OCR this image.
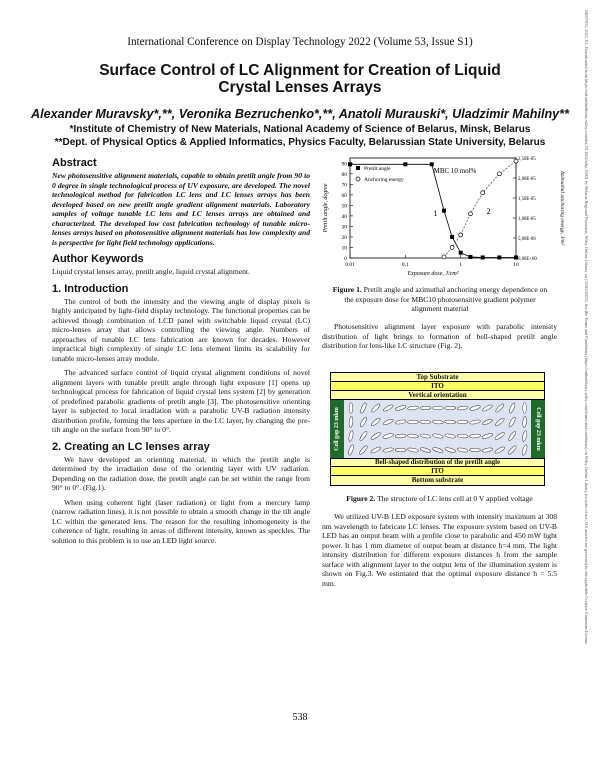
International Conference on Display Technology 2022 (Volume 53, Issue S1)	24097811, 2022, S1, Downloaded from https://sid.onlinelibrary.wiley.com/doi/10.1002/sdtp.15901 by Belarus Regional Provision, Wiley Online Library on [31/03/2023]. See the Terms and Conditions (https://onlinelibrary.wiley.com/terms-and-conditions) on Wiley Online Library for rules of use; OA articles are governed by the applicable Creative Commons License
Surface Control of LC Alignment for Creation of Liquid Crystal Lenses Arrays
Alexander Muravsky*,**, Veronika Bezruchenko*,**, Anatoli Murauski*, Uladzimir Mahilny**
*Institute of Chemistry of New Materials, National Academy of Science of Belarus, Minsk, Belarus
**Dept. of Physical Optics & Applied Informatics, Physics Faculty, Belarussian State University, Belarus
Abstract

New photosensitive alignment materials, capable to obtain pretilt angle from 90 to 0 degree in single technological process of UV exposure, are developed. The novel technological method for fabrication LC lens and LC lenses arrays has been developed based on new pretilt angle gradient alignment materials. Laboratory samples of voltage tunable LC lens and LC lenses arrays are obtained and characterized. The developed low cost fabrication technology of tunable micro-lenses arrays based on photosensitive alignment materials has low complexity and is perspective for light field technology applications.

Author Keywords

Liquid crystal lenses array, pretilt angle, liquid crystal alignment.

1. Introduction

The control of both the intensity and the viewing angle of display pixels is highly anticipated by light-field display technology. The functional properties can be achieved though combination of LCD panel with switchable liquid crystal (LC) micro-lenses array that allows controlling the viewing angle. Numbers of approaches of tunable LC lens fabrication are known for decades. However impractical high complexity of single LC lens element limits its scalability for tunable micro-lenses array module.

The advanced surface control of liquid crystal alignment conditions of novel alignment layers with tunable pretilt angle through light exposure [1] opens up technological process for fabrication of liquid crystal lens system [2] by generation of predefined parabolic gradients of pretilt angle [3]. The photosensitive orienting layer is subjected to local irradiation with a parabolic UV-B radiation intensity distribution profile, forming the lens aperture in the LC layer, by changing the pre-tilt angle on the surface from 90° to 0°.

2. Creating an LC lenses array

We have developed an orienting material, in which the pretilt angle is determined by the irradiation dose of the orienting layer with UV radiation. Depending on the radiation dose, the pretilt angle can be set within the range from 90° to 0°. (Fig.1).

When using coherent light (laser radiation) or light from a mercury lamp (narrow radiation lines), it is not possible to obtain a smooth change in the tilt angle LC within the generated lens. The reason for the resulting inhomogeneity is the coherence of light, resulting in areas of different intensity, known as speckles. The solution to this problem is to use an LED light source.

0.01	0.1	1	10
0
10
20
30
40
50
60
70
80
90
0,00E+00
5,00E-06
1,00E-05
1,50E-05
2,00E-05
2,50E-05
Exposure dose, J/cm²
Pretilt angle, degree	Azimuthal anchoring energy, J/m²
MBC 10 mol%
Pretilt angle
Anchoring energy
1	2
Figure 1. Pretilt angle and azimuthal anchoring energy dependence on the exposure dose for MBC10 photosensitive gradient polymer alignment material

Photosensitive alignment layer exposure with parabolic intensity distribution of light brings to formation of bell-shaped pretilt angle distribution for lens-like LC structure (Fig. 2).

Top Substrate
ITO
Vertical orientation
Cell gap 23 mkm	Cell gap 23 mkm
Bell-shaped distribution of the pretilt angle
ITO
Bottom substrate
Figure 2. The structure of LC lens cell at 0 V applied voltage

We utilized UV-B LED exposure system with intensity maximum at 308 nm wavelength to fabricate LC lenses. The exposure system based on UV-B LED has an output beam with a profile close to parabolic and 450 mW light power. It has 1 mm diameter of output beam at distance h=4 mm. The light intensity distribution for different exposure distances h from the sample surface with alignment layer to the output lens of the illumination system is shown on Fig.3. We estimated that the optimal exposure distance h = 5.5 mm.

538
